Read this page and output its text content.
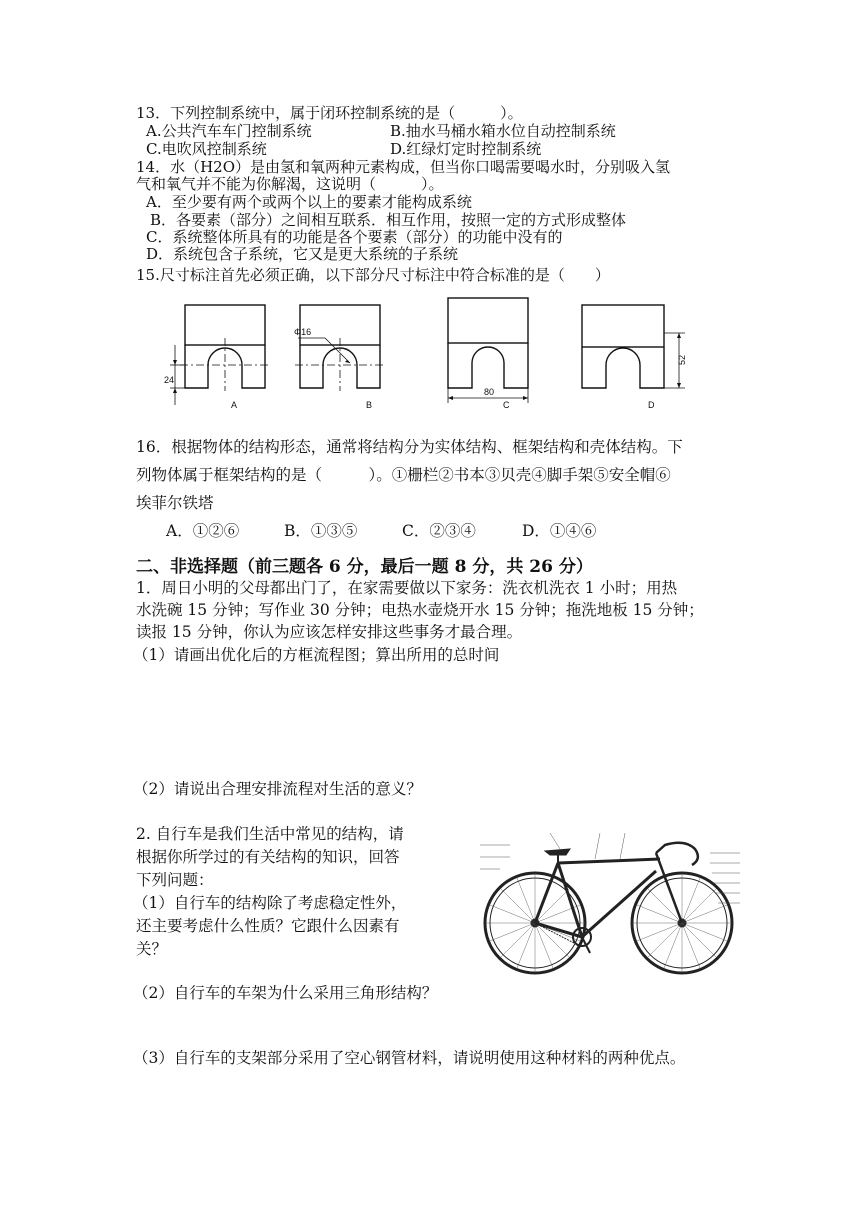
13．下列控制系统中，属于闭环控制系统的是（　　　）。
A.公共汽车车门控制系统	B.抽水马桶水箱水位自动控制系统
C.电吹风控制系统	D.红绿灯定时控制系统
14．水（H2O）是由氢和氧两种元素构成，但当你口喝需要喝水时，分别吸入氢
气和氧气并不能为你解渴，这说明（　　　）。
A．至少要有两个或两个以上的要素才能构成系统
B．各要素（部分）之间相互联系．相互作用，按照一定的方式形成整体
C．系统整体所具有的功能是各个要素（部分）的功能中没有的
D．系统包含子系统，它又是更大系统的子系统
15.尺寸标注首先必须正确，以下部分尺寸标注中符合标准的是（　　）
24
Φ16
80
52
A	B	C	D
16．根据物体的结构形态，通常将结构分为实体结构、框架结构和壳体结构。下
列物体属于框架结构的是（　　　）。①栅栏②书本③贝壳④脚手架⑤安全帽⑥
埃菲尔铁塔
A．①②⑥	B．①③⑤	C．②③④	D．①④⑥
二、非选择题（前三题各 6 分，最后一题 8 分，共 26 分）
1．周日小明的父母都出门了，在家需要做以下家务：洗衣机洗衣 1 小时；用热
水洗碗 15 分钟；写作业 30 分钟；电热水壶烧开水 15 分钟；拖洗地板 15 分钟；
读报 15 分钟，你认为应该怎样安排这些事务才最合理。
（1）请画出优化后的方框流程图；算出所用的总时间
（2）请说出合理安排流程对生活的意义？
2. 自行车是我们生活中常见的结构，请
根据你所学过的有关结构的知识，回答
下列问题：
（1）自行车的结构除了考虑稳定性外，
还主要考虑什么性质？它跟什么因素有
关？
（2）自行车的车架为什么采用三角形结构？
（3）自行车的支架部分采用了空心钢管材料，请说明使用这种材料的两种优点。
